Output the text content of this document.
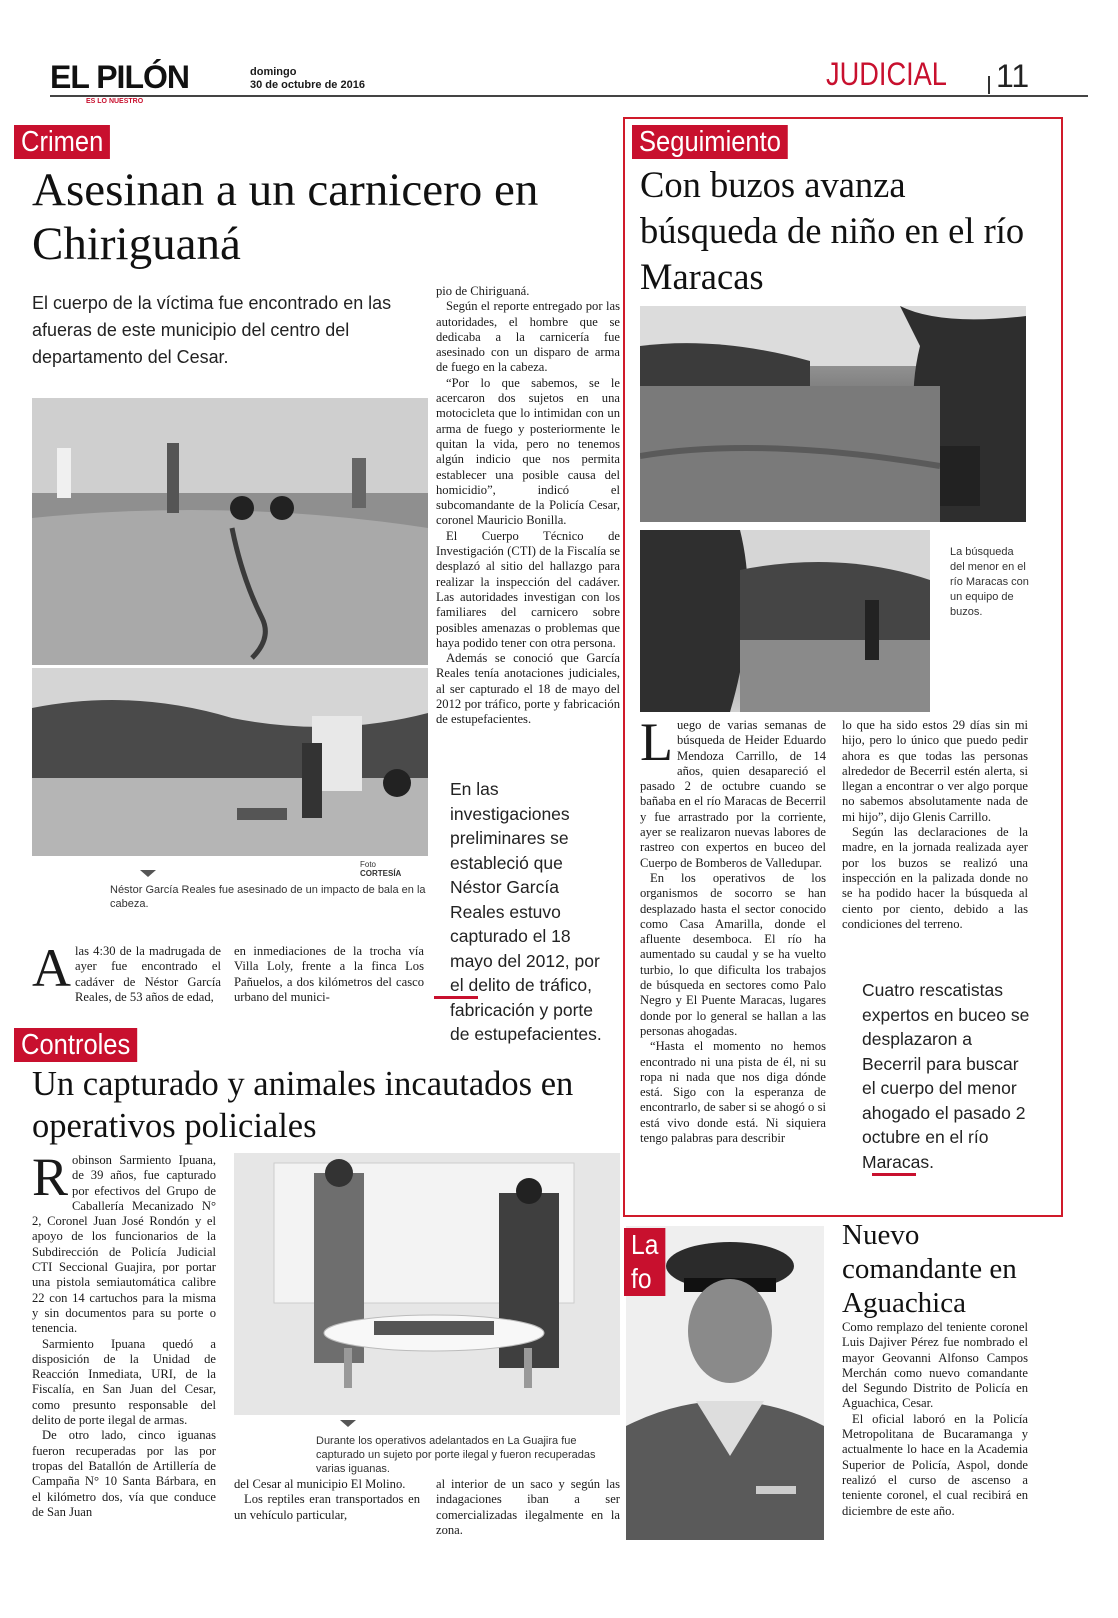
EL PILÓN
ES LO NUESTRO
domingo
30 de octubre de 2016	JUDICIAL 11
Crimen
Asesinan a un carnicero en Chiriguaná
El cuerpo de la víctima fue encontrado en las afueras de este municipio del centro del departamento del Cesar.
Foto CORTESÍA
Néstor García Reales fue asesinado de un impacto de bala en la cabeza.
A las 4:30 de la madrugada de ayer fue encontrado el cadáver de Néstor García Reales, de 53 años de edad,

en inmediaciones de la trocha vía Villa Loly, frente a la finca Los Pañuelos, a dos kilómetros del casco urbano del munici-

pio de Chiriguaná.

Según el reporte entregado por las autoridades, el hombre que se dedicaba a la carnicería fue asesinado con un disparo de arma de fuego en la cabeza.

“Por lo que sabemos, se le acercaron dos sujetos en una motocicleta que lo intimidan con un arma de fuego y posteriormente le quitan la vida, pero no tenemos algún indicio que nos permita establecer una posible causa del homicidio”, indicó el subcomandante de la Policía Cesar, coronel Mauricio Bonilla.

El Cuerpo Técnico de Investigación (CTI) de la Fiscalía se desplazó al sitio del hallazgo para realizar la inspección del cadáver. Las autoridades investigan con los familiares del carnicero sobre posibles amenazas o problemas que haya podido tener con otra persona.

Además se conoció que García Reales tenía anotaciones judiciales, al ser capturado el 18 de mayo del 2012 por tráfico, porte y fabricación de estupefacientes.

En las investigaciones preliminares se estableció que Néstor García Reales estuvo capturado el 18 mayo del 2012, por el delito de tráfico, fabricación y porte de estupefacientes.
Seguimiento
Con buzos avanza búsqueda de niño en el río Maracas
La búsqueda del menor en el río Maracas con un equipo de buzos.
L uego de varias semanas de búsqueda de Heider Eduardo Mendoza Carrillo, de 14 años, quien desapareció el pasado 2 de octubre cuando se bañaba en el río Maracas de Becerril y fue arrastrado por la corriente, ayer se realizaron nuevas labores de rastreo con expertos en buceo del Cuerpo de Bomberos de Valledupar.

En los operativos de los organismos de socorro se han desplazado hasta el sector conocido como Casa Amarilla, donde el afluente desemboca. El río ha aumentado su caudal y se ha vuelto turbio, lo que dificulta los trabajos de búsqueda en sectores como Palo Negro y El Puente Maracas, lugares donde por lo general se hallan a las personas ahogadas.

“Hasta el momento no hemos encontrado ni una pista de él, ni su ropa ni nada que nos diga dónde está. Sigo con la esperanza de encontrarlo, de saber si se ahogó o si está vivo donde está. Ni siquiera tengo palabras para describir

lo que ha sido estos 29 días sin mi hijo, pero lo único que puedo pedir ahora es que todas las personas alrededor de Becerril estén alerta, si llegan a encontrar o ver algo porque no sabemos absolutamente nada de mi hijo”, dijo Glenis Carrillo.

Según las declaraciones de la madre, en la jornada realizada ayer por los buzos se realizó una inspección en la palizada donde no se ha podido hacer la búsqueda al ciento por ciento, debido a las condiciones del terreno.

Cuatro rescatistas expertos en buceo se desplazaron a Becerril para buscar el cuerpo del menor ahogado el pasado 2 octubre en el río Maracas.
Controles
Un capturado y animales incautados en operativos policiales
R obinson Sarmiento Ipuana, de 39 años, fue capturado por efectivos del Grupo de Caballería Mecanizado N° 2, Coronel Juan José Rondón y el apoyo de los funcionarios de la Subdirección de Policía Judicial CTI Seccional Guajira, por portar una pistola semiautomática calibre 22 con 14 cartuchos para la misma y sin documentos para su porte o tenencia.

Sarmiento Ipuana quedó a disposición de la Unidad de Reacción Inmediata, URI, de la Fiscalía, en San Juan del Cesar, como presunto responsable del delito de porte ilegal de armas.

De otro lado, cinco iguanas fueron recuperadas por las por tropas del Batallón de Artillería de Campaña N° 10 Santa Bárbara, en el kilómetro dos, vía que conduce de San Juan

Durante los operativos adelantados en La Guajira fue capturado un sujeto por porte ilegal y fueron recuperadas varias iguanas.

del Cesar al municipio El Molino.

Los reptiles eran transportados en un vehículo particular,

al interior de un saco y según las indagaciones iban a ser comercializadas ilegalmente en la zona.

La fo
Nuevo comandante en Aguachica

Como remplazo del teniente coronel Luis Dajiver Pérez fue nombrado el mayor Geovanni Alfonso Campos Merchán como nuevo comandante del Segundo Distrito de Policía en Aguachica, Cesar.

El oficial laboró en la Policía Metropolitana de Bucaramanga y actualmente lo hace en la Academia Superior de Policía, Aspol, donde realizó el curso de ascenso a teniente coronel, el cual recibirá en diciembre de este año.
